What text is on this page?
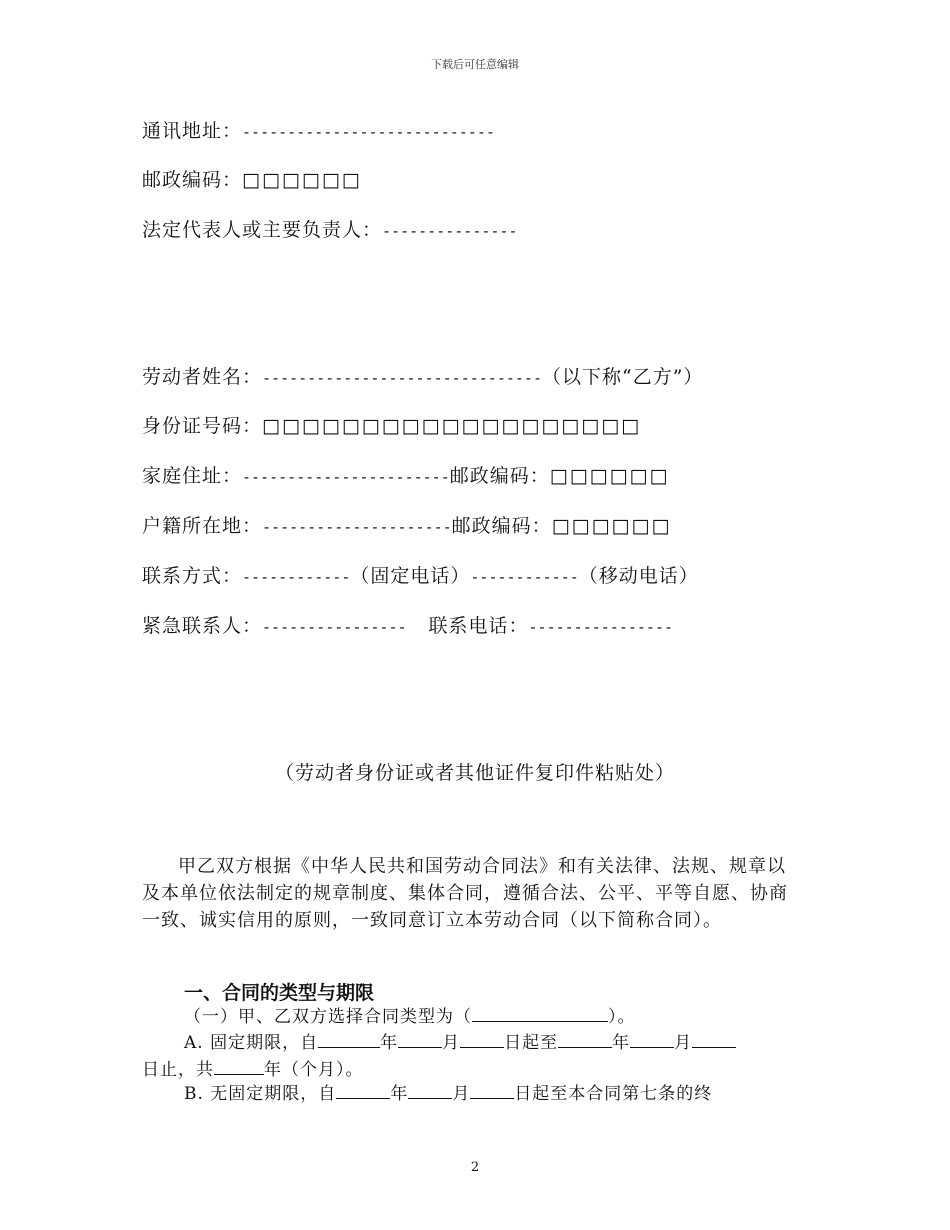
下载后可任意编辑
通讯地址：----------------------------
邮政编码：□□□□□□
法定代表人或主要负责人：---------------
劳动者姓名：-------------------------------（以下称“乙方”）
身份证号码：□□□□□□□□□□□□□□□□□□□
家庭住址：-----------------------邮政编码：□□□□□□
户籍所在地：---------------------邮政编码：□□□□□□
联系方式：------------（固定电话）------------（移动电话）
紧急联系人：---------------- 联系电话：----------------
（劳动者身份证或者其他证件复印件粘贴处）
甲乙双方根据《中华人民共和国劳动合同法》和有关法律、法规、规章以及本单位依法制定的规章制度、集体合同，遵循合法、公平、平等自愿、协商一致、诚实信用的原则，一致同意订立本劳动合同（以下简称合同）。
一、合同的类型与期限
（一）甲、乙双方选择合同类型为（	）。
A. 固定期限，自	年	月	日起至	年	月
日止，共	年（个月）。
B. 无固定期限，自	年	月	日起至本合同第七条的终
2
